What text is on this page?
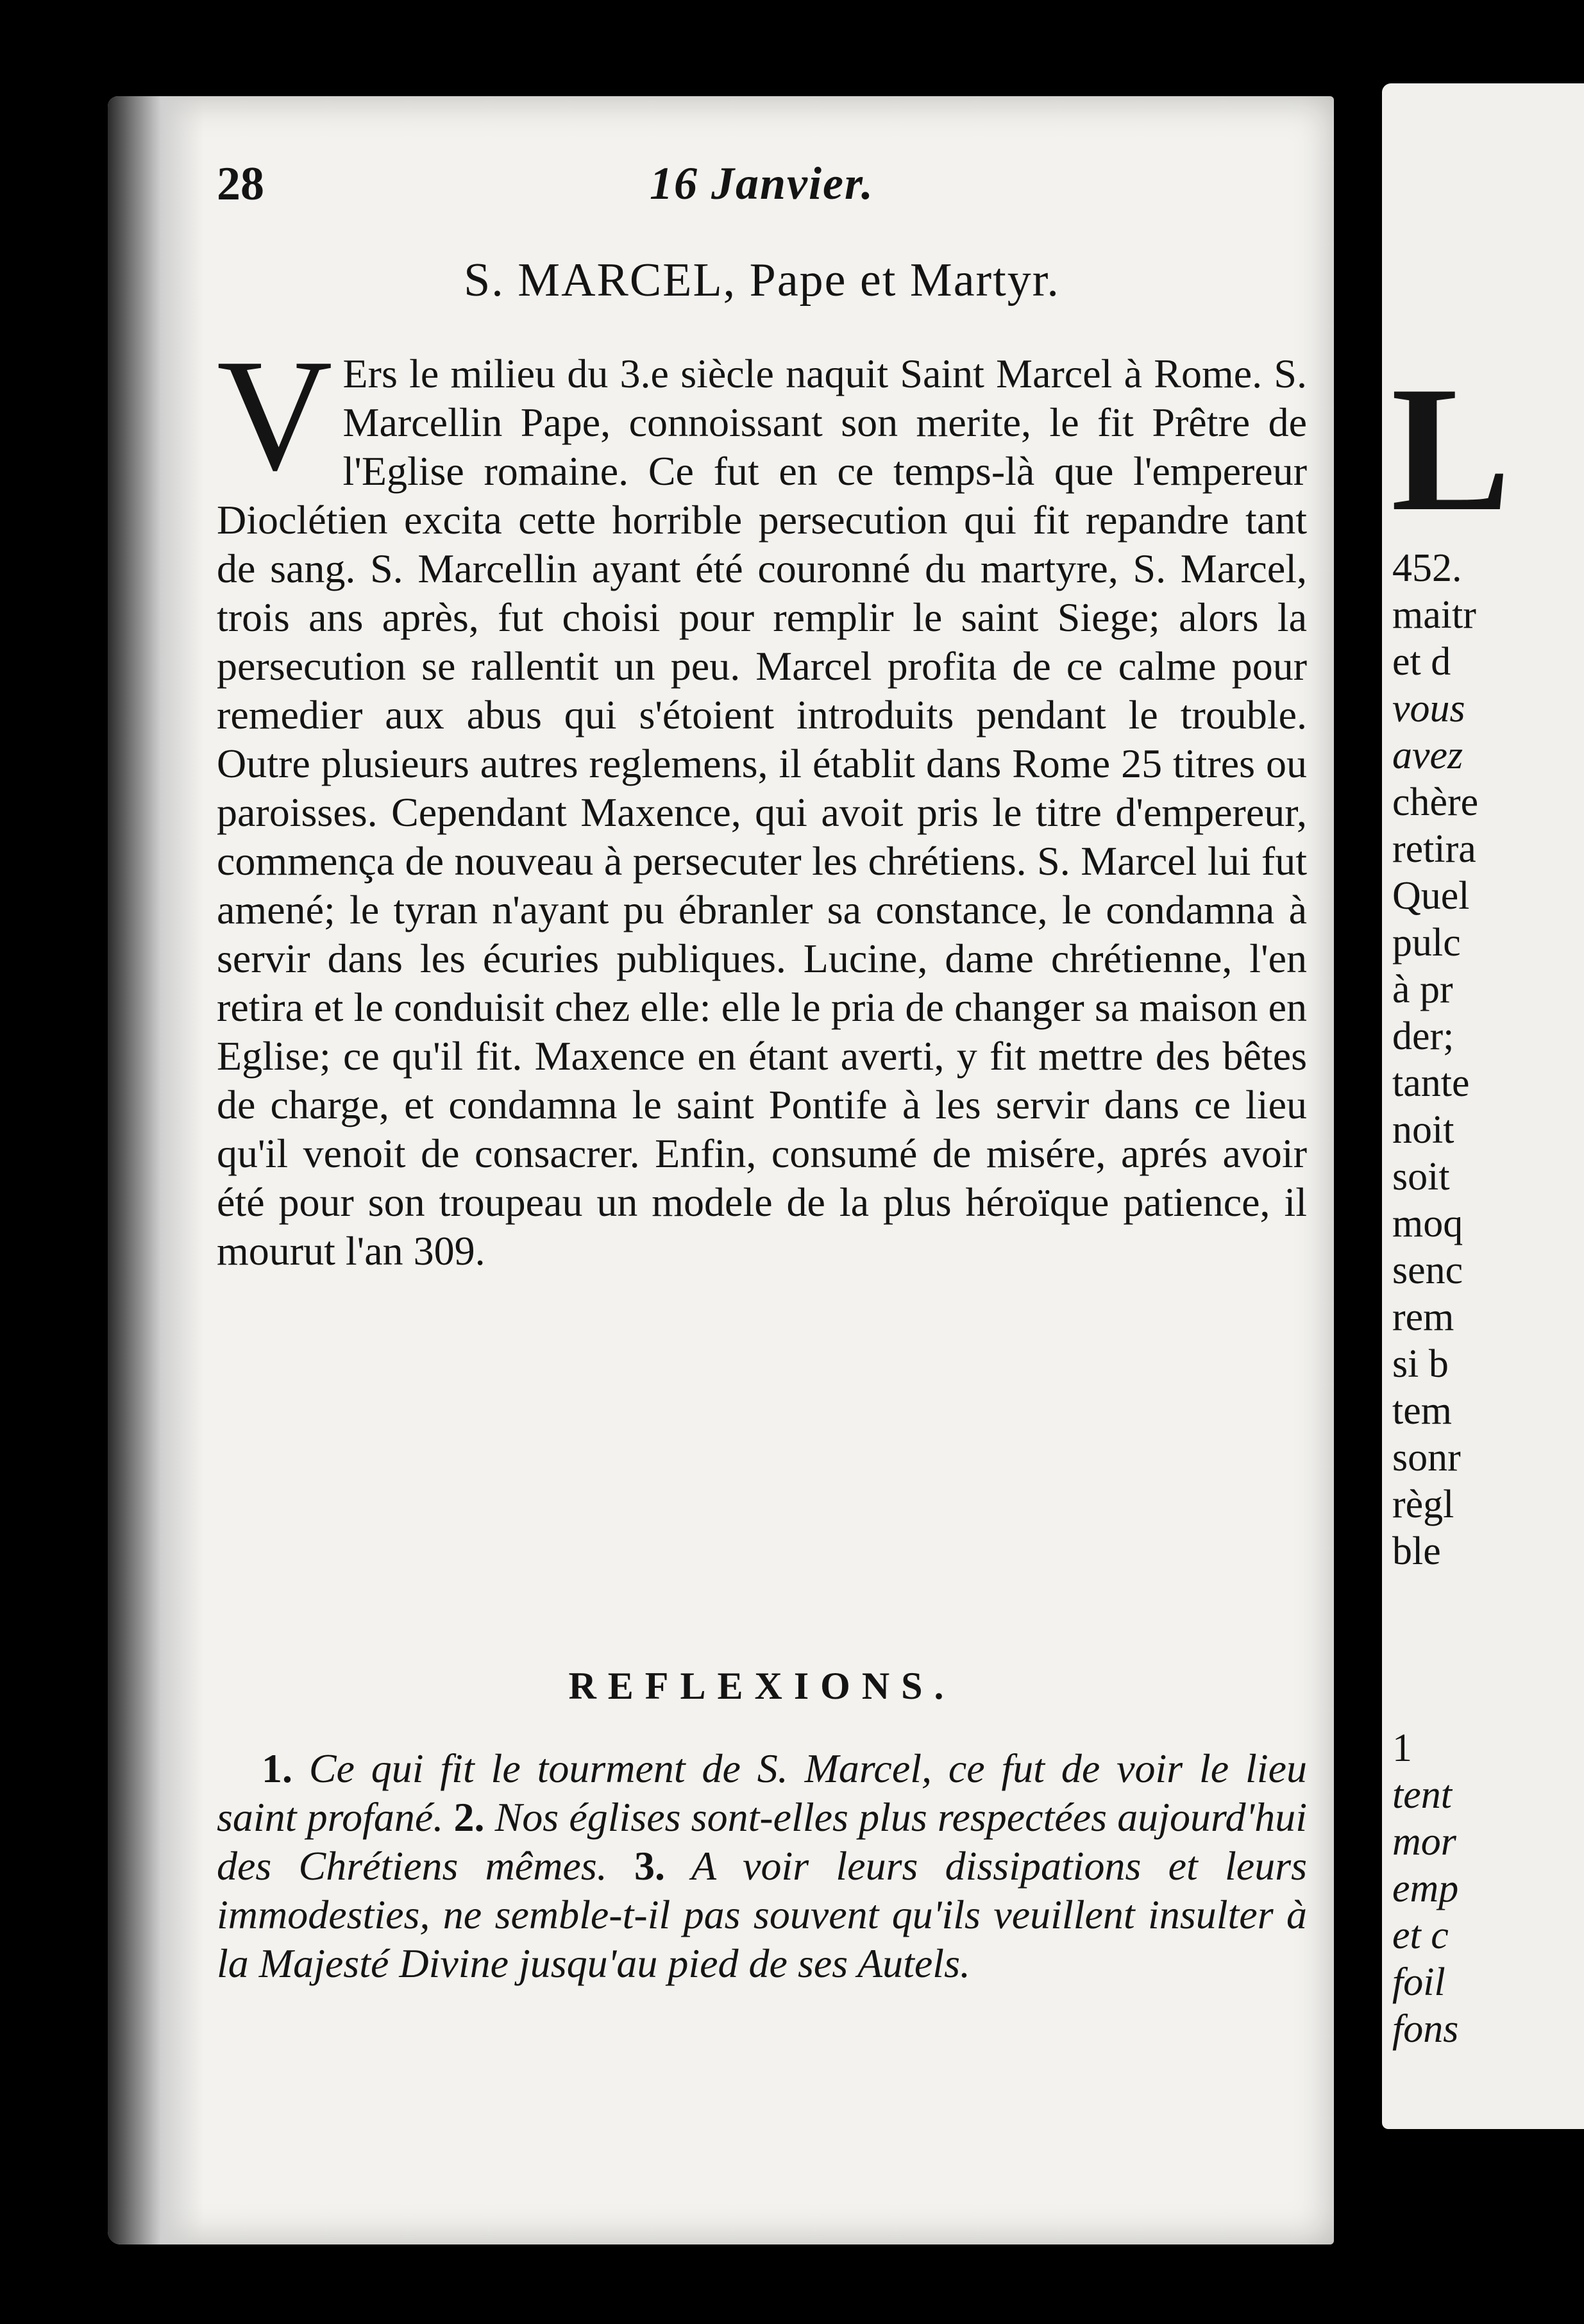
28	16 Janvier.
S. MARCEL, Pape et Martyr.
V Ers le milieu du 3.e siècle naquit Saint Marcel à Rome. S. Marcellin Pape, connoissant son merite, le fit Prêtre de l'Eglise romaine. Ce fut en ce temps-là que l'empereur Dioclétien excita cette horrible persecution qui fit repandre tant de sang. S. Marcellin ayant été couronné du martyre, S. Marcel, trois ans après, fut choisi pour remplir le saint Siege; alors la persecution se rallentit un peu. Marcel profita de ce calme pour remedier aux abus qui s'étoient introduits pendant le trouble. Outre plusieurs autres reglemens, il établit dans Rome 25 titres ou paroisses. Cependant Maxence, qui avoit pris le titre d'empereur, commença de nouveau à persecuter les chrétiens. S. Marcel lui fut amené; le tyran n'ayant pu ébranler sa constance, le condamna à servir dans les écuries publiques. Lucine, dame chrétienne, l'en retira et le conduisit chez elle: elle le pria de changer sa maison en Eglise; ce qu'il fit. Maxence en étant averti, y fit mettre des bêtes de charge, et condamna le saint Pontife à les servir dans ce lieu qu'il venoit de consacrer. Enfin, consumé de misére, aprés avoir été pour son troupeau un modele de la plus héroïque patience, il mourut l'an 309.
REFLEXIONS.
1. Ce qui fit le tourment de S. Marcel, ce fut de voir le lieu saint profané. 2. Nos églises sont-elles plus respectées aujourd'hui des Chrétiens mêmes. 3. A voir leurs dissipations et leurs immodesties, ne semble-t-il pas souvent qu'ils veuillent insulter à la Majesté Divine jusqu'au pied de ses Autels.
L
452.
maitr
et d
vous
avez
chère
retira
Quel
pulc
à pr
der;
tante
noit
soit
moq
senc
rem
si b
tem
sonr
règl
ble
1
tent
mor
emp
et c
foil
fons
